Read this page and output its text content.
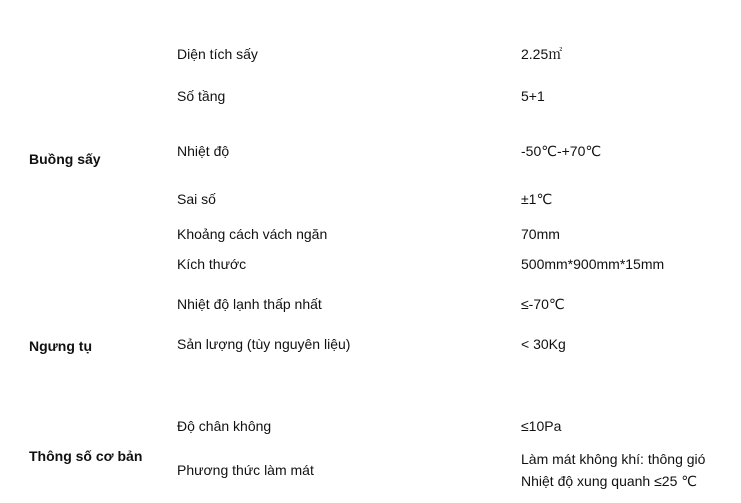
Buồng sấy
Ngưng tụ
Thông số cơ bản
Diện tích sấy
Số tầng
Nhiệt độ
Sai số
Khoảng cách vách ngăn
Kích thước
Nhiệt độ lạnh thấp nhất
Sản lượng (tùy nguyên liệu)
Độ chân không
Phương thức làm mát
2.25㎡
5+1
-50℃-+70℃
±1℃
70mm
500mm*900mm*15mm
≤-70℃
< 30Kg
≤10Pa
Làm mát không khí: thông gió
Nhiệt độ xung quanh ≤25 ℃
